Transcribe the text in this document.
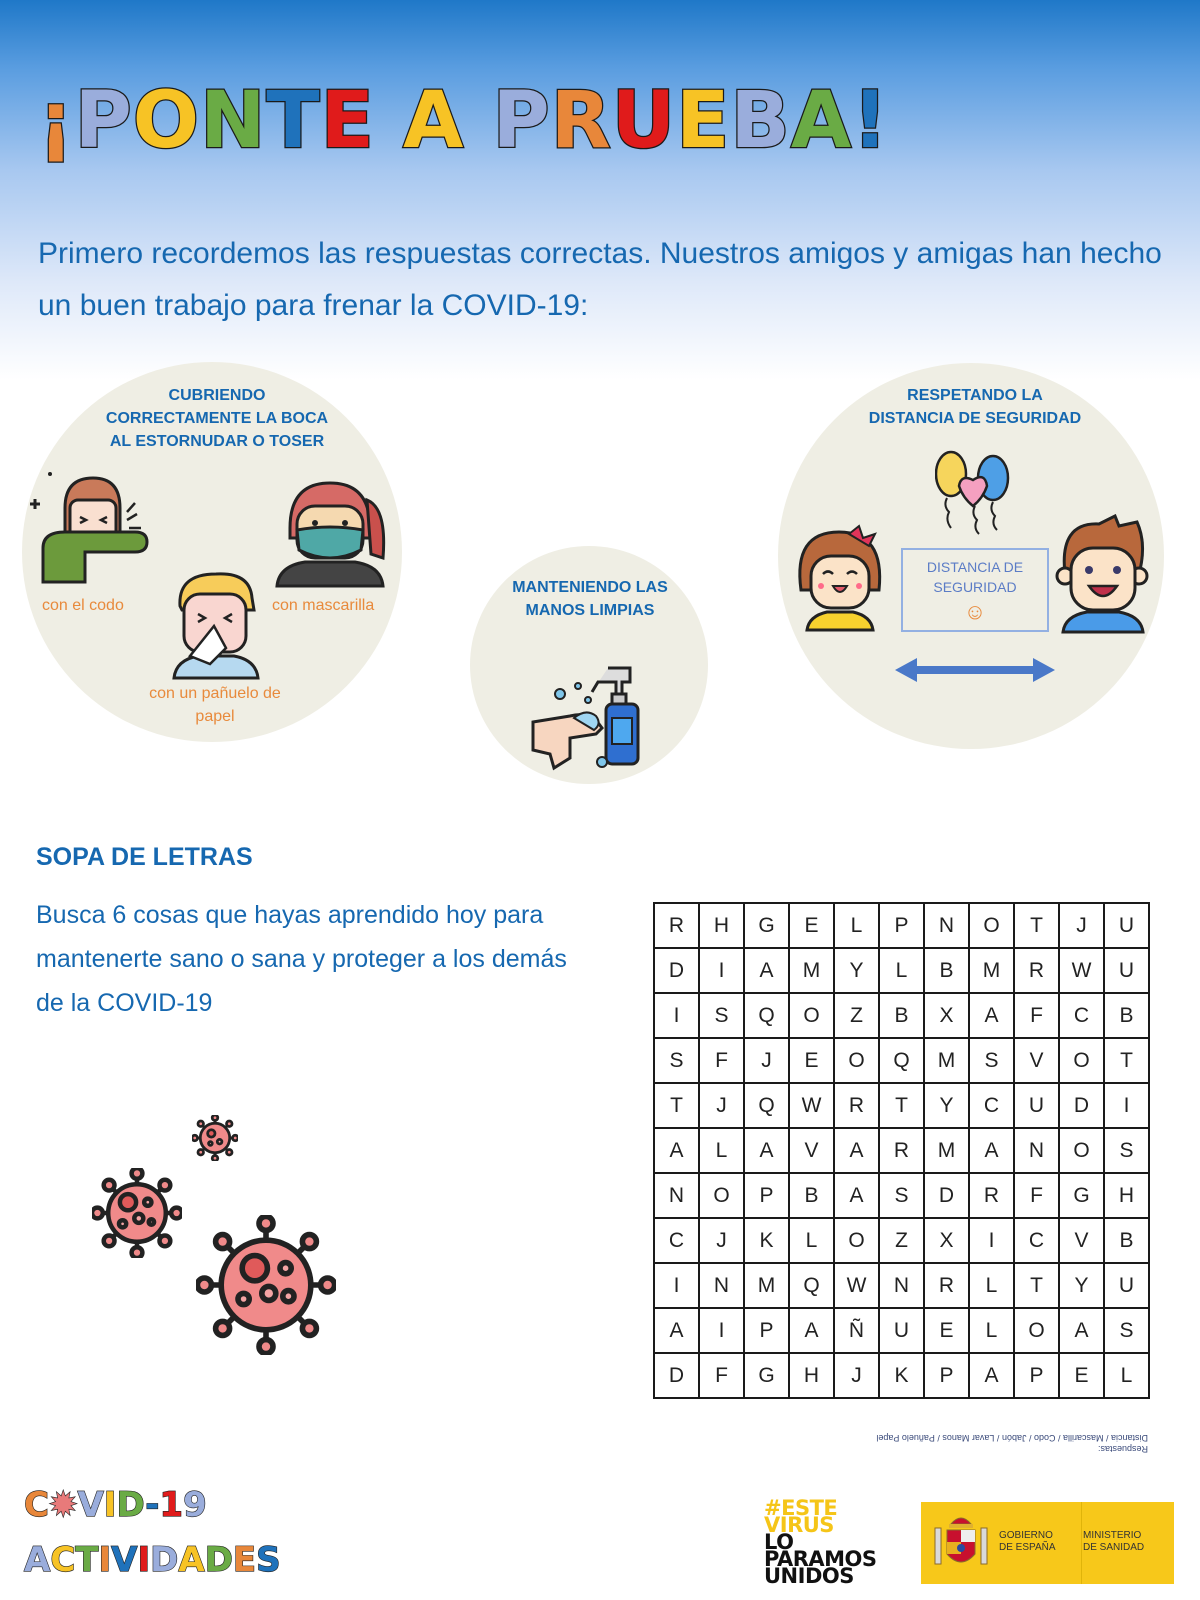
¡PONTE A PRUEBA!

Primero recordemos las respuestas correctas. Nuestros amigos y amigas han hecho un buen trabajo para frenar la COVID-19:

CUBRIENDO
CORRECTAMENTE LA BOCA
AL ESTORNUDAR O TOSER
con el codo	con mascarilla
con un pañuelo de
papel
MANTENIENDO LAS
MANOS LIMPIAS
RESPETANDO LA
DISTANCIA DE SEGURIDAD
DISTANCIA DE
SEGURIDAD
☺
SOPA DE LETRAS

Busca 6 cosas que hayas aprendido hoy para mantenerte sano o sana y proteger a los demás de la COVID-19

R	H	G	E	L	P	N	O	T	J	U
D	I	A	M	Y	L	B	M	R	W	U
I	S	Q	O	Z	B	X	A	F	C	B
S	F	J	E	O	Q	M	S	V	O	T
T	J	Q	W	R	T	Y	C	U	D	I
A	L	A	V	A	R	M	A	N	O	S
N	O	P	B	A	S	D	R	F	G	H
C	J	K	L	O	Z	X	I	C	V	B
I	N	M	Q	W	N	R	L	T	Y	U
A	I	P	A	Ñ	U	E	L	O	A	S
D	F	G	H	J	K	P	A	P	E	L
Respuestas:
Distancia / Mascarilla / Codo / Jabón / Lavar Manos / Pañuelo Papel
C✹VID-19
ACTIVIDADES
#ESTE
VIRUS
LO
PARAMOS
UNIDOS
GOBIERNO
DE ESPAÑA
MINISTERIO
DE SANIDAD
